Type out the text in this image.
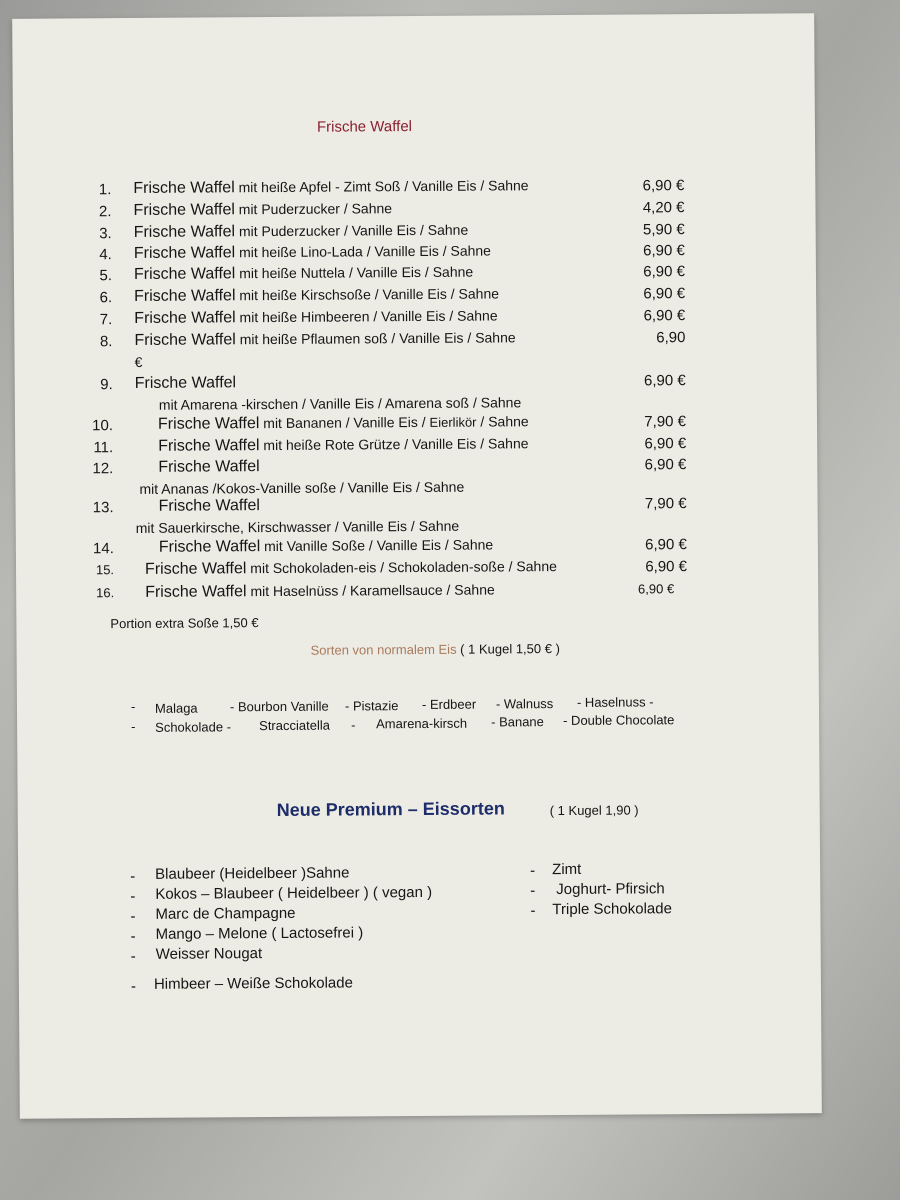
Frische Waffel
1. Frische Waffel mit heiße Apfel - Zimt Soß / Vanille Eis / Sahne	6,90 €
2. Frische Waffel mit Puderzucker / Sahne	4,20 €
3. Frische Waffel mit Puderzucker / Vanille Eis / Sahne	5,90 €
4. Frische Waffel mit heiße Lino-Lada / Vanille Eis / Sahne	6,90 €
5. Frische Waffel mit heiße Nuttela / Vanille Eis / Sahne	6,90 €
6. Frische Waffel mit heiße Kirschsoße / Vanille Eis / Sahne	6,90 €
7. Frische Waffel mit heiße Himbeeren / Vanille Eis / Sahne	6,90 €
8. Frische Waffel mit heiße Pflaumen soß / Vanille Eis / Sahne	6,90
€
9. Frische Waffel	6,90 €
mit Amarena -kirschen / Vanille Eis / Amarena soß / Sahne
10.	Frische Waffel mit Bananen / Vanille Eis / Eierlikör / Sahne	7,90 €
11.	Frische Waffel mit heiße Rote Grütze / Vanille Eis / Sahne	6,90 €
12.	Frische Waffel	6,90 €
mit Ananas /Kokos-Vanille soße / Vanille Eis / Sahne
13.	Frische Waffel	7,90 €
mit Sauerkirsche, Kirschwasser / Vanille Eis / Sahne
14.	Frische Waffel mit Vanille Soße / Vanille Eis / Sahne	6,90 €
15. Frische Waffel mit Schokoladen-eis / Schokoladen-soße / Sahne	6,90 €
16. Frische Waffel mit Haselnüss / Karamellsauce / Sahne	6,90 €
Portion extra Soße 1,50 €
Sorten von normalem Eis ( 1 Kugel 1,50 € )
- Malaga - Bourbon Vanille - Pistazie - Erdbeer - Walnuss - Haselnuss -
- Schokolade - Stracciatella - Amarena-kirsch - Banane - Double Chocolate
Neue Premium – Eissorten	( 1 Kugel 1,90 )
- Blaubeer (Heidelbeer )Sahne
- Kokos – Blaubeer ( Heidelbeer ) ( vegan )
- Marc de Champagne
- Mango – Melone ( Lactosefrei )
- Weisser Nougat
- Himbeer – Weiße Schokolade
- Zimt
- Joghurt- Pfirsich
- Triple Schokolade
